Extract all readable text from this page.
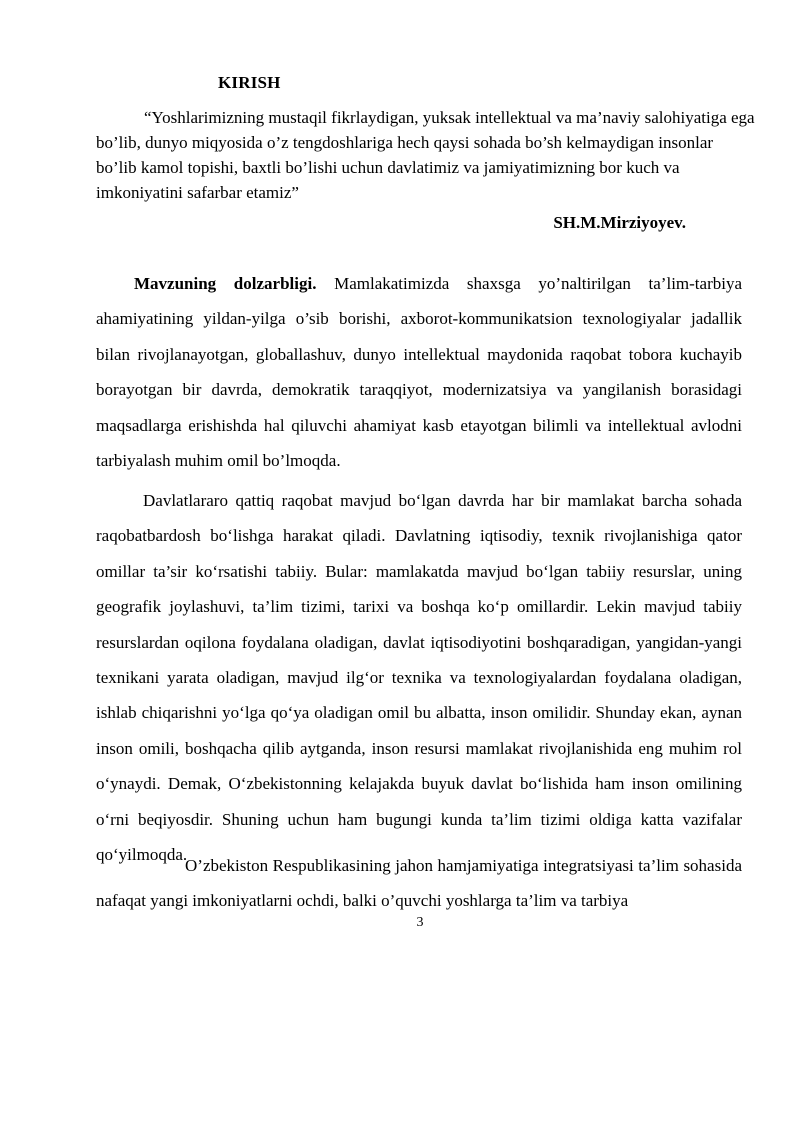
KIRISH

“Yoshlarimizning mustaqil fikrlaydigan, yuksak intellektual va ma’naviy salohiyatiga ega bo’lib, dunyo miqyosida o’z tengdoshlariga hech qaysi sohada bo’sh kelmaydigan insonlar bo’lib kamol topishi, baxtli bo’lishi uchun davlatimiz va jamiyatimizning bor kuch va imkoniyatini safarbar etamiz”

SH.M.Mirziyoyev.

Mavzuning dolzarbligi. Mamlakatimizda shaxsga yo’naltirilgan ta’lim-tarbiya ahamiyatining yildan-yilga o’sib borishi, axborot-kommunikatsion texnologiyalar jadallik bilan rivojlanayotgan, globallashuv, dunyo intellektual maydonida raqobat tobora kuchayib borayotgan bir davrda, demokratik taraqqiyot, modernizatsiya va yangilanish borasidagi maqsadlarga erishishda hal qiluvchi ahamiyat kasb etayotgan bilimli va intellektual avlodni tarbiyalash muhim omil bo’lmoqda.

Davlatlararo qattiq raqobat mavjud bo‘lgan davrda har bir mamlakat barcha sohada raqobatbardosh bo‘lishga harakat qiladi. Davlatning iqtisodiy, texnik rivojlanishiga qator omillar ta’sir ko‘rsatishi tabiiy. Bular: mamlakatda mavjud bo‘lgan tabiiy resurslar, uning geografik joylashuvi, ta’lim tizimi, tarixi va boshqa ko‘p omillardir. Lekin mavjud tabiiy resurslardan oqilona foydalana oladigan, davlat iqtisodiyotini boshqaradigan, yangidan-yangi texnikani yarata oladigan, mavjud ilg‘or texnika va texnologiyalardan foydalana oladigan, ishlab chiqarishni yo‘lga qo‘ya oladigan omil bu albatta, inson omilidir. Shunday ekan, aynan inson omili, boshqacha qilib aytganda, inson resursi mamlakat rivojlanishida eng muhim rol o‘ynaydi. Demak, O‘zbekistonning kelajakda buyuk davlat bo‘lishida ham inson omilining o‘rni beqiyosdir. Shuning uchun ham bugungi kunda ta’lim tizimi oldiga katta vazifalar qo‘yilmoqda.

O’zbekiston Respublikasining jahon hamjamiyatiga integratsiyasi ta’lim sohasida nafaqat yangi imkoniyatlarni ochdi, balki o’quvchi yoshlarga ta’lim va tarbiya

3
